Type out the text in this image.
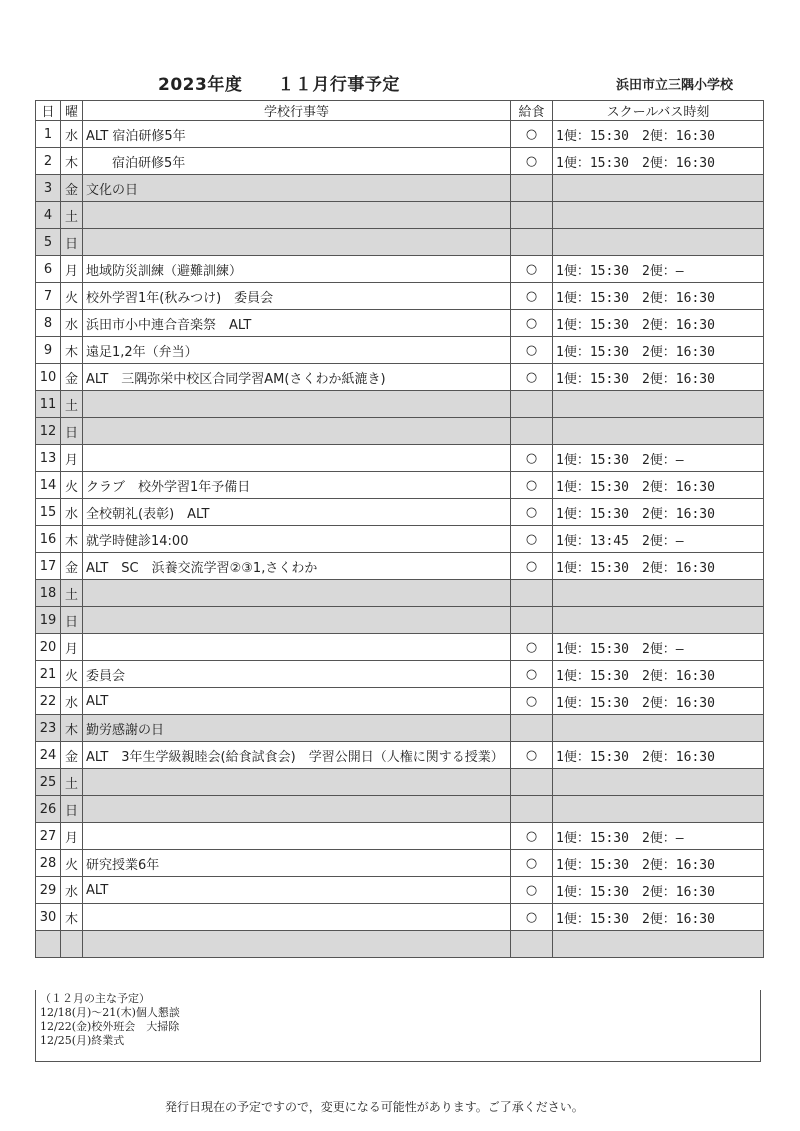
2023年度　　１１月行事予定	浜田市立三隅小学校
日	曜	学校行事等	給食	スクールバス時刻
1	水	ALT 宿泊研修5年	○	1便：15:30　2便：16:30
2	木	　　宿泊研修5年	○	1便：15:30　2便：16:30
3	金	文化の日		
4	土			
5	日			
6	月	地域防災訓練（避難訓練）	○	1便：15:30　2便：—
7	火	校外学習1年(秋みつけ)　委員会	○	1便：15:30　2便：16:30
8	水	浜田市小中連合音楽祭　ALT	○	1便：15:30　2便：16:30
9	木	遠足1,2年（弁当）	○	1便：15:30　2便：16:30
10	金	ALT　三隅弥栄中校区合同学習AM(さくわか紙漉き)	○	1便：15:30　2便：16:30
11	土			
12	日			
13	月		○	1便：15:30　2便：—
14	火	クラブ　校外学習1年予備日	○	1便：15:30　2便：16:30
15	水	全校朝礼(表彰)　ALT	○	1便：15:30　2便：16:30
16	木	就学時健診14:00	○	1便：13:45　2便：—
17	金	ALT　SC　浜養交流学習②③1,さくわか	○	1便：15:30　2便：16:30
18	土			
19	日			
20	月		○	1便：15:30　2便：—
21	火	委員会	○	1便：15:30　2便：16:30
22	水	ALT	○	1便：15:30　2便：16:30
23	木	勤労感謝の日		
24	金	ALT　3年生学級親睦会(給食試食会)　学習公開日（人権に関する授業）	○	1便：15:30　2便：16:30
25	土			
26	日			
27	月		○	1便：15:30　2便：—
28	火	研究授業6年	○	1便：15:30　2便：16:30
29	水	ALT	○	1便：15:30　2便：16:30
30	木		○	1便：15:30　2便：16:30

（１２月の主な予定）
12/18(月)～21(木)個人懇談
12/22(金)校外班会　大掃除
12/25(月)終業式
発行日現在の予定ですので，変更になる可能性があります。ご了承ください。
